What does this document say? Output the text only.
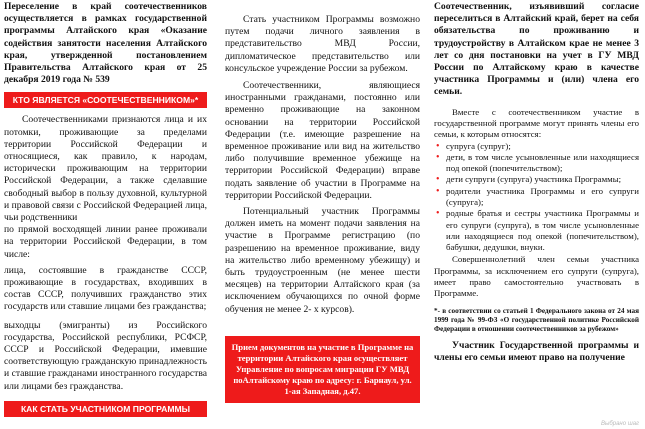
Переселение в край соотечественников осуществляется в рамках государственной программы Алтайского края «Оказание содействия занятости населения Алтайского края, утвержденной постановлением Правительства Алтайского края от 25 декабря 2019 года № 539

КТО ЯВЛЯЕТСЯ «СООТЕЧЕСТВЕННИКОМ»*

Соотечественниками признаются лица и их потомки, проживающие за пределами территории Российской Федерации и относящиеся, как правило, к народам, исторически проживающим на территории Российской Федерации, а также сделавшие свободный выбор в пользу духовной, культурной и правовой связи с Российской Федерацией лица, чьи родственники

по прямой восходящей линии ранее проживали на территории Российской Федерации, в том числе:

лица, состоявшие в гражданстве СССР, проживающие в государствах, входивших в состав СССР, получивших гражданство этих государств или ставшие лицами без гражданства;

выходцы (эмигранты) из Российского государства, Российской республики, РСФСР, СССР и Российской Федерации, имевшие соответствующую гражданскую принадлежность и ставшие гражданами иностранного государства или лицами без гражданства.

КАК СТАТЬ УЧАСТНИКОМ ПРОГРАММЫ

Стать участником Программы возможно путем подачи личного заявления в представительство МВД России, дипломатическое представительство или консульское учреждение России за рубежом.

Соотечественники, являющиеся иностранными гражданами, постоянно или временно проживающие на законном основании на территории Российской Федерации (т.е. имеющие разрешение на временное проживание или вид на жительство либо получившие временное убежище на территории Российской Федерации) вправе подать заявление об участии в Программе на территории Российской Федерации.

Потенциальный участник Программы должен иметь на момент подачи заявления на участие в Программе регистрацию (по разрешению на временное проживание, виду на жительство либо временному убежищу) и быть трудоустроенным (не менее шести месяцев) на территории Алтайского края (за исключением обучающихся по очной форме обучения не менее 2- х курсов).

Прием документов на участие в Программе на территории Алтайского края осуществляет Управление по вопросам миграции ГУ МВД поАлтайскому краю по адресу: г. Барнаул, ул. 1-ая Западная, д.47.

Соотечественник, изъявивший согласие переселиться в Алтайский край, берет на себя обязательства по проживанию и трудоустройству в Алтайском крае не менее 3 лет со дня постановки на учет в ГУ МВД России по Алтайскому краю в качестве участника Программы и (или) члена его семьи.

Вместе с соотечественником участие в государственной программе могут принять члены его семьи, к которым относятся:

• супруга (супруг);
• дети, в том числе усыновленные или находящиеся под опекой (попечительством);
• дети супруги (супруга) участника Программы;
• родители участника Программы и его супруги (супруга);
• родные братья и сестры участника Программы и его супруги (супруга), в том числе усыновленные или находящиеся под опекой (попечительством), бабушки, дедушки, внуки.

Совершеннолетний член семьи участника Программы, за исключением его супруги (супруга), имеет право самостоятельно участвовать в Программе.

*- в соответствии со статьей 1 Федерального закона от 24 мая 1999 года № 99-ФЗ «О государственной политике Российской Федерации в отношении соотечественников за рубежом»

Участник Государственной программы и члены его семьи имеют право на получение

Выбрано шаг
